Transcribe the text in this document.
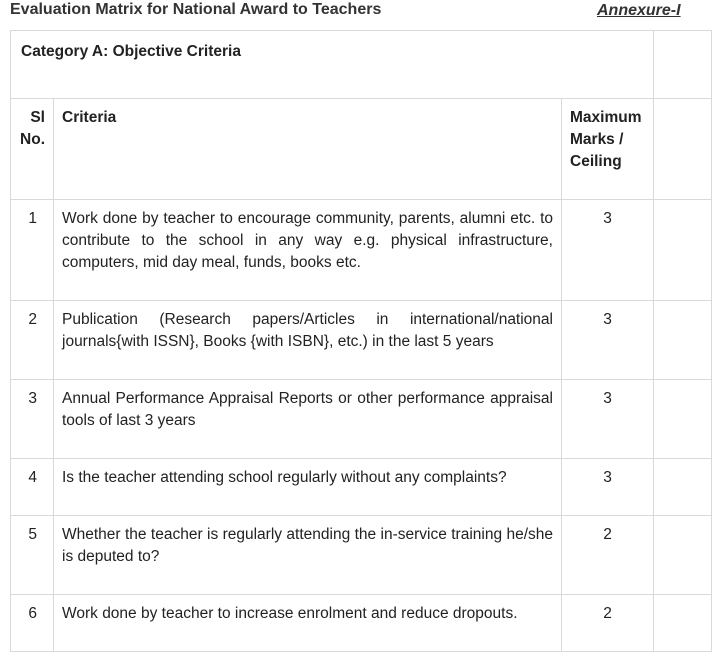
Evaluation Matrix for National Award to Teachers	Annexure-I
Category A: Objective Criteria			
Sl No.	Criteria	Maximum Marks / Ceiling	
1	Work done by teacher to encourage community, parents, alumni etc. to contribute to the school in any way e.g. physical infrastructure, computers, mid day meal, funds, books etc.	3	
2	Publication (Research papers/Articles in international/national journals{with ISSN}, Books {with ISBN}, etc.) in the last 5 years	3	
3	Annual Performance Appraisal Reports or other performance appraisal tools of last 3 years	3	
4	Is the teacher attending school regularly without any complaints?	3	
5	Whether the teacher is regularly attending the in-service training he/she is deputed to?	2	
6	Work done by teacher to increase enrolment and reduce dropouts.	2	
